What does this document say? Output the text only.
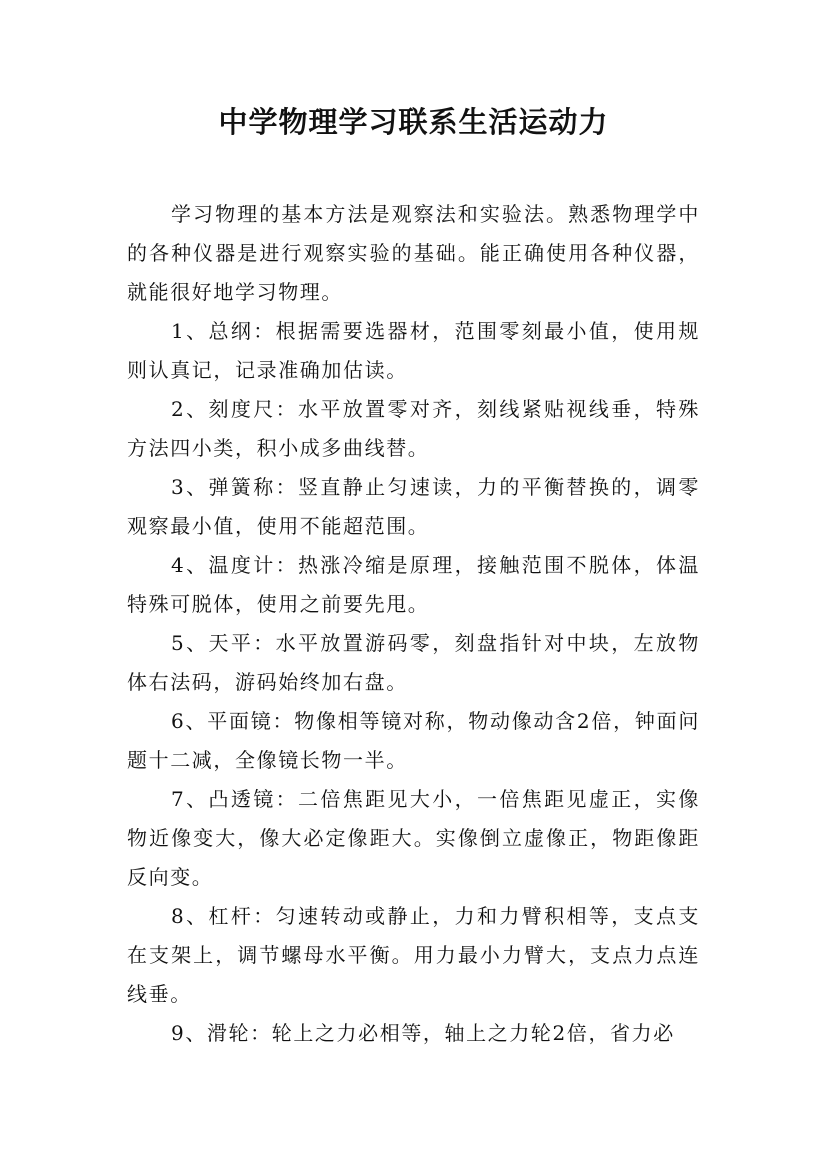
中学物理学习联系生活运动力

学习物理的基本方法是观察法和实验法。熟悉物理学中的各种仪器是进行观察实验的基础。能正确使用各种仪器，就能很好地学习物理。

1、总纲：根据需要选器材，范围零刻最小值，使用规则认真记，记录准确加估读。

2、刻度尺：水平放置零对齐，刻线紧贴视线垂，特殊方法四小类，积小成多曲线替。

3、弹簧称：竖直静止匀速读，力的平衡替换的，调零观察最小值，使用不能超范围。

4、温度计：热涨冷缩是原理，接触范围不脱体，体温特殊可脱体，使用之前要先甩。

5、天平：水平放置游码零，刻盘指针对中块，左放物体右法码，游码始终加右盘。

6、平面镜：物像相等镜对称，物动像动含2倍，钟面问题十二减，全像镜长物一半。

7、凸透镜：二倍焦距见大小，一倍焦距见虚正，实像物近像变大，像大必定像距大。实像倒立虚像正，物距像距反向变。

8、杠杆：匀速转动或静止，力和力臂积相等，支点支在支架上，调节螺母水平衡。用力最小力臂大，支点力点连线垂。

9、滑轮：轮上之力必相等，轴上之力轮2倍，省力必
